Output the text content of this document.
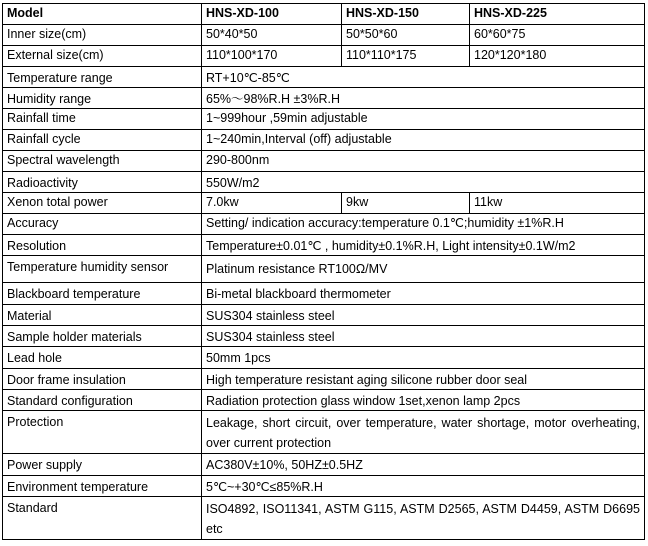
Model	HNS-XD-100	HNS-XD-150	HNS-XD-225
Inner size(cm)	50*40*50	50*50*60	60*60*75
External size(cm)	110*100*170	110*110*175	120*120*180
Temperature range	RT+10℃-85℃		
Humidity range	65%～98%R.H ±3%R.H		
Rainfall time	1~999hour ,59min adjustable		
Rainfall cycle	1~240min,Interval (off) adjustable		
Spectral wavelength	290-800nm		
Radioactivity	550W/m2		
Xenon total power	7.0kw	9kw	11kw
Accuracy	Setting/ indication accuracy:temperature 0.1℃;humidity ±1%R.H		
Resolution	Temperature±0.01℃ , humidity±0.1%R.H, Light intensity±0.1W/m2		
Temperature humidity sensor	Platinum resistance RT100Ω/MV		
Blackboard temperature	Bi-metal blackboard thermometer		
Material	SUS304 stainless steel		
Sample holder materials	SUS304 stainless steel		
Lead hole	50mm 1pcs		
Door frame insulation	High temperature resistant aging silicone rubber door seal		
Standard configuration	Radiation protection glass window 1set,xenon lamp 2pcs		
Protection	Leakage, short circuit, over temperature, water shortage, motor overheating, over current protection		
Power supply	AC380V±10%, 50HZ±0.5HZ		
Environment temperature	5℃~+30℃≤85%R.H		
Standard	ISO4892, ISO11341, ASTM G115, ASTM D2565, ASTM D4459, ASTM D6695 etc		
